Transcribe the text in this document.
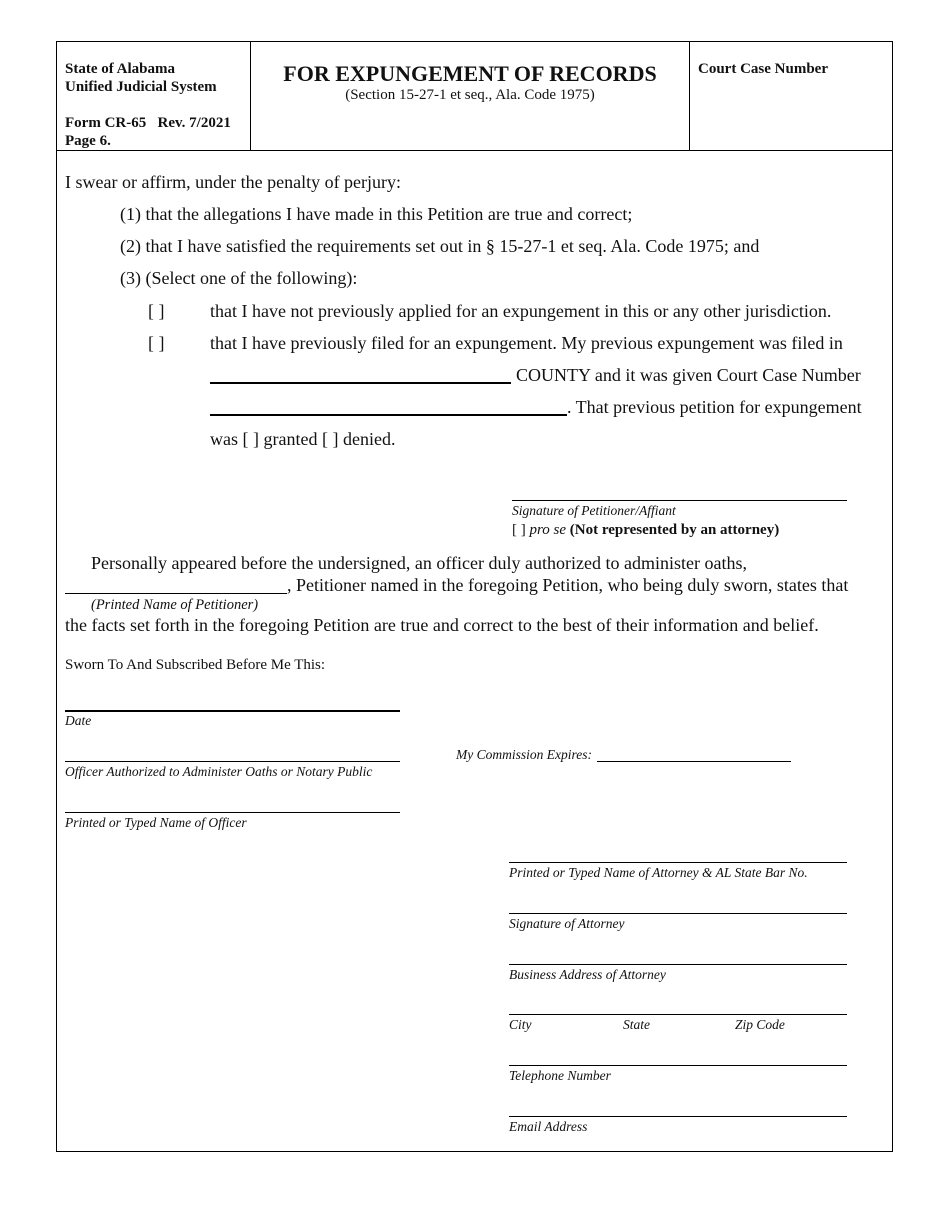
State of Alabama
Unified Judicial System
Form CR-65 Rev. 7/2021
Page 6.
FOR EXPUNGEMENT OF RECORDS
(Section 15-27-1 et seq., Ala. Code 1975)
Court Case Number
I swear or affirm, under the penalty of perjury:
(1) that the allegations I have made in this Petition are true and correct;
(2) that I have satisfied the requirements set out in § 15-27-1 et seq. Ala. Code 1975; and
(3) (Select one of the following):
[ ]	that I have not previously applied for an expungement in this or any other jurisdiction.
[ ]	that I have previously filed for an expungement. My previous expungement was filed in
COUNTY and it was given Court Case Number
. That previous petition for expungement
was [ ] granted [ ] denied.
Signature of Petitioner/Affiant
[ ] pro se (Not represented by an attorney)
Personally appeared before the undersigned, an officer duly authorized to administer oaths,
, Petitioner named in the foregoing Petition, who being duly sworn, states that
(Printed Name of Petitioner)
the facts set forth in the foregoing Petition are true and correct to the best of their information and belief.
Sworn To And Subscribed Before Me This:
Date
Officer Authorized to Administer Oaths or Notary Public
My Commission Expires:
Printed or Typed Name of Officer
Printed or Typed Name of Attorney & AL State Bar No.
Signature of Attorney
Business Address of Attorney
City	State	Zip Code
Telephone Number
Email Address
